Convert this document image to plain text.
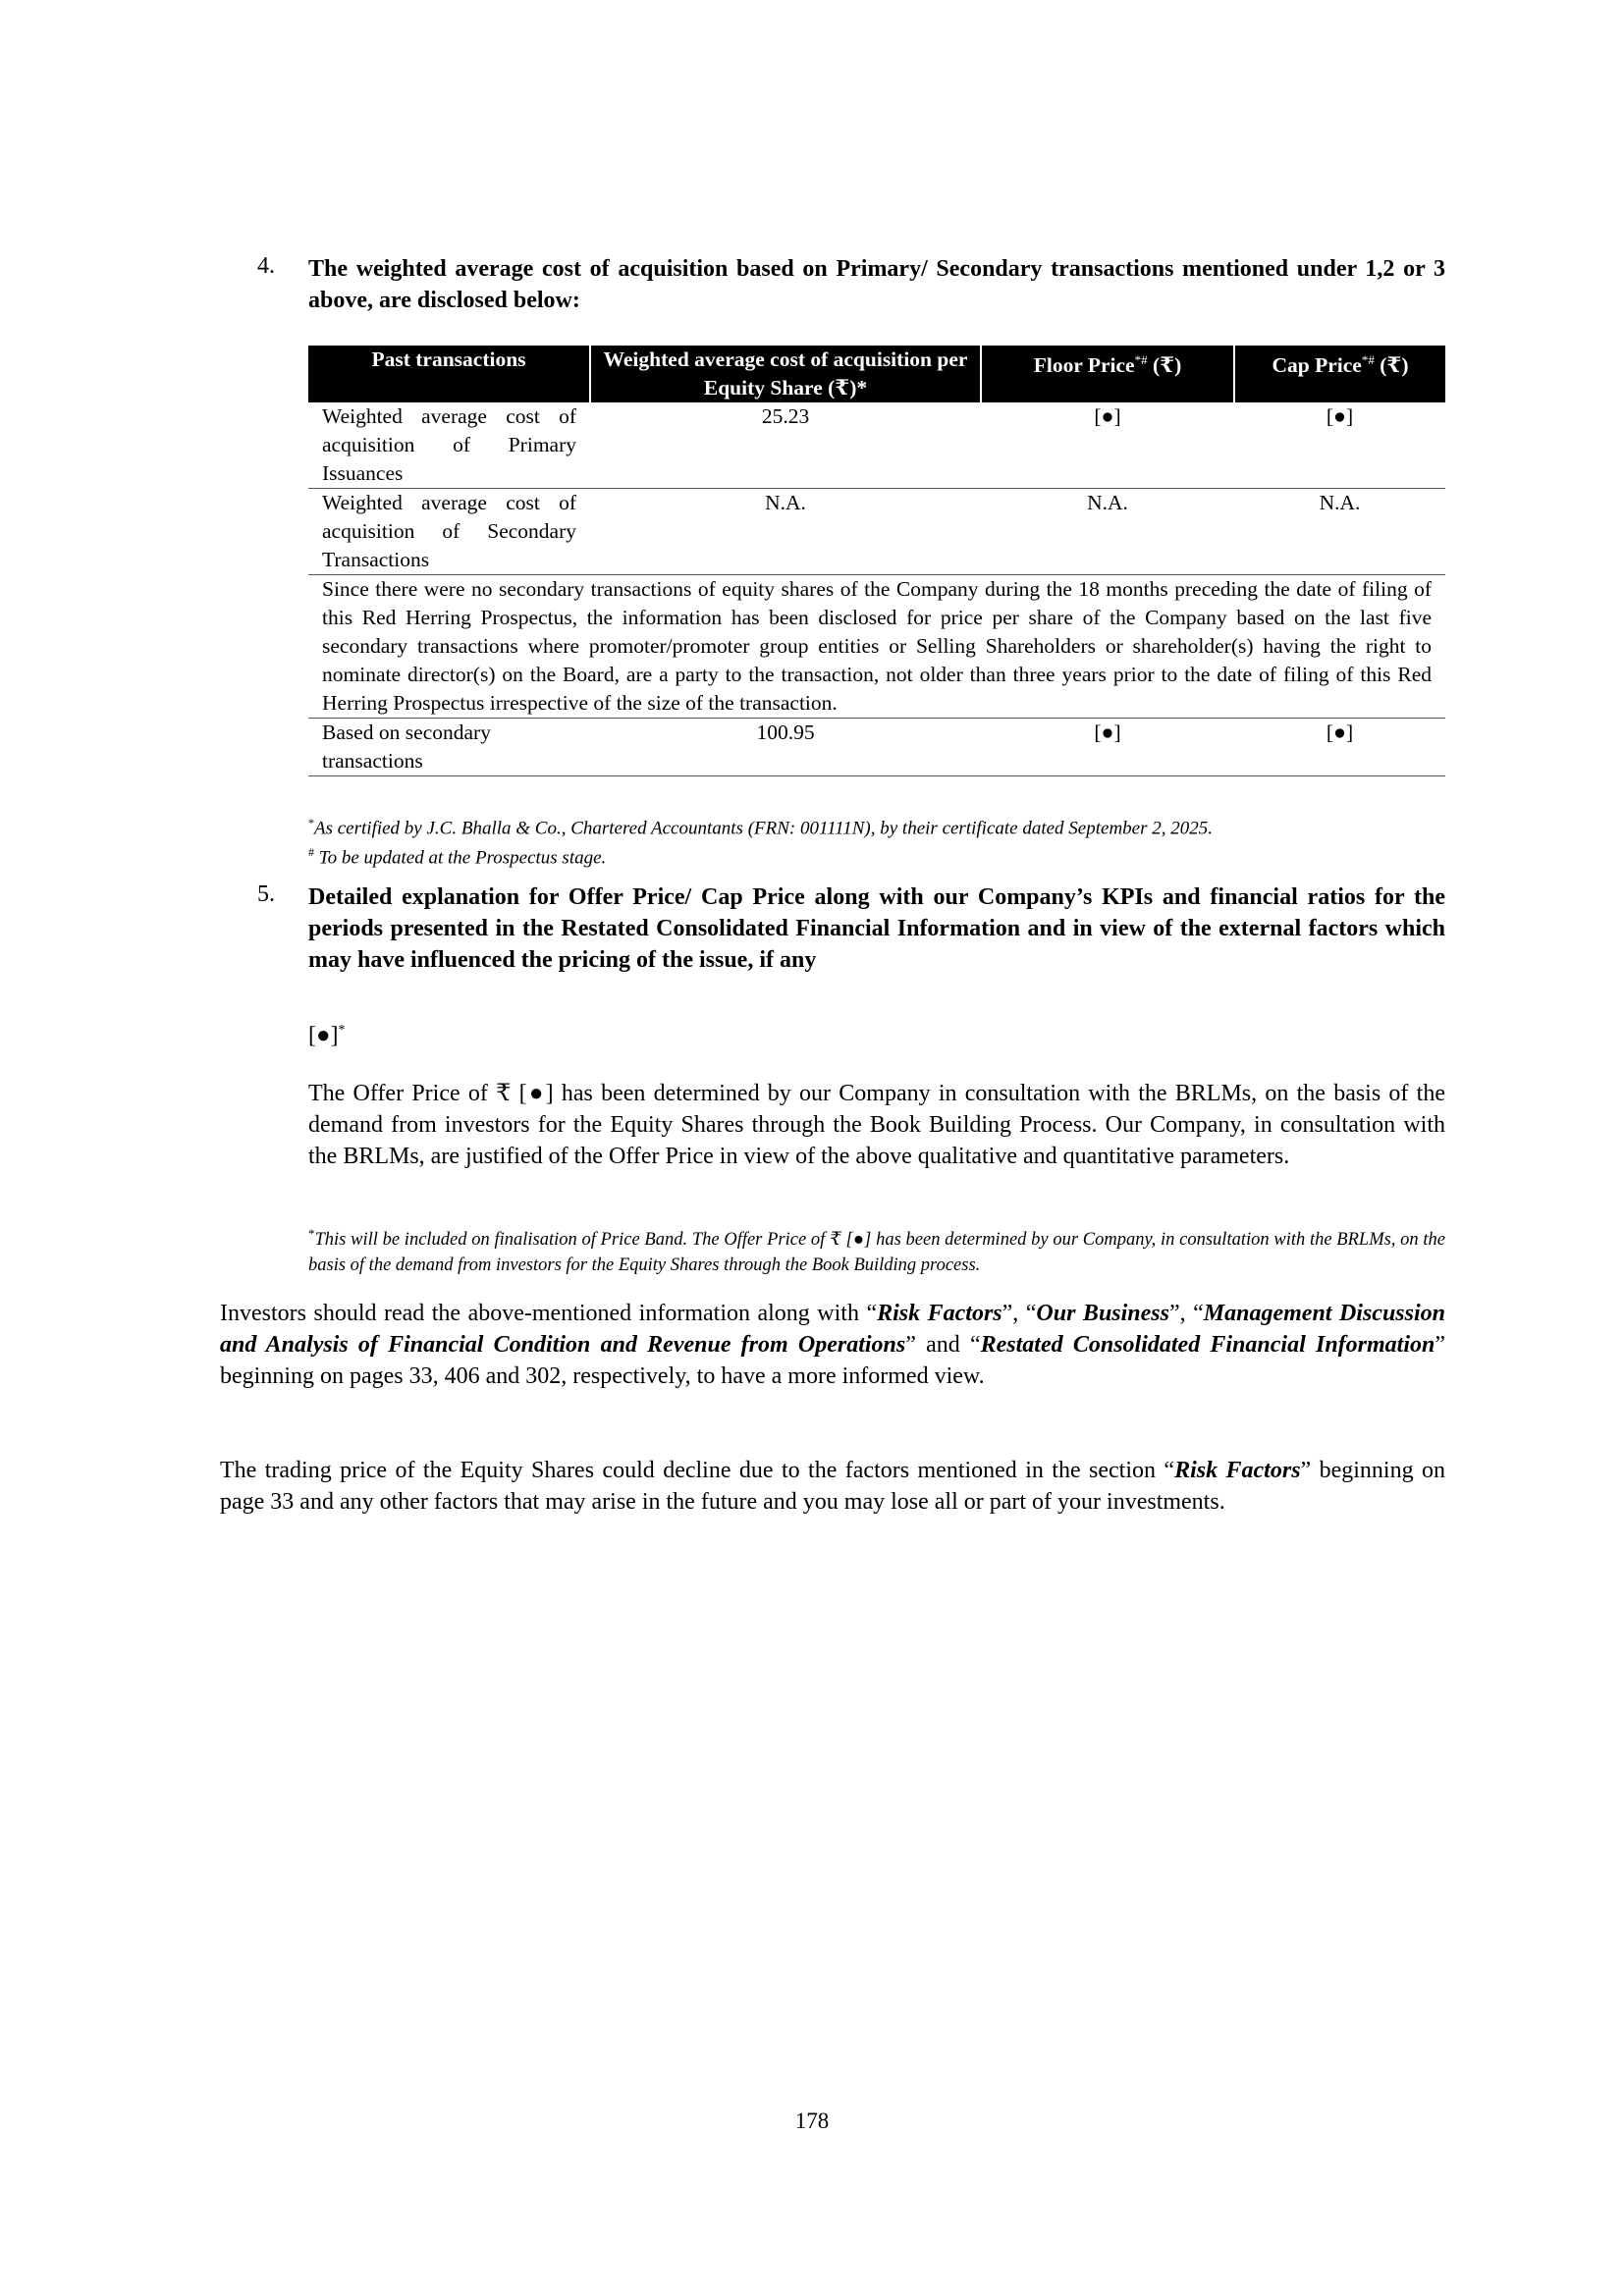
4.	The weighted average cost of acquisition based on Primary/ Secondary transactions mentioned under 1,2 or 3 above, are disclosed below:

Past transactions	Weighted average cost of acquisition per Equity Share (₹)*	Floor Price*# (₹)	Cap Price*# (₹)
Weighted average cost of acquisition of Primary Issuances	25.23	[●]	[●]
Weighted average cost of acquisition of Secondary Transactions	N.A.	N.A.	N.A.
Since there were no secondary transactions of equity shares of the Company during the 18 months preceding the date of filing of this Red Herring Prospectus, the information has been disclosed for price per share of the Company based on the last five secondary transactions where promoter/promoter group entities or Selling Shareholders or shareholder(s) having the right to nominate director(s) on the Board, are a party to the transaction, not older than three years prior to the date of filing of this Red Herring Prospectus irrespective of the size of the transaction.			
Based on secondary transactions	100.95	[●]	[●]
*As certified by J.C. Bhalla & Co., Chartered Accountants (FRN: 001111N), by their certificate dated September 2, 2025.
# To be updated at the Prospectus stage.
5.	Detailed explanation for Offer Price/ Cap Price along with our Company’s KPIs and financial ratios for the periods presented in the Restated Consolidated Financial Information and in view of the external factors which may have influenced the pricing of the issue, if any

[●]*

The Offer Price of ₹ [●] has been determined by our Company in consultation with the BRLMs, on the basis of the demand from investors for the Equity Shares through the Book Building Process. Our Company, in consultation with the BRLMs, are justified of the Offer Price in view of the above qualitative and quantitative parameters.

*This will be included on finalisation of Price Band. The Offer Price of ₹ [●] has been determined by our Company, in consultation with the BRLMs, on the basis of the demand from investors for the Equity Shares through the Book Building process.

Investors should read the above-mentioned information along with “Risk Factors”, “Our Business”, “Management Discussion and Analysis of Financial Condition and Revenue from Operations” and “Restated Consolidated Financial Information” beginning on pages 33, 406 and 302, respectively, to have a more informed view.

The trading price of the Equity Shares could decline due to the factors mentioned in the section “Risk Factors” beginning on page 33 and any other factors that may arise in the future and you may lose all or part of your investments.

178
